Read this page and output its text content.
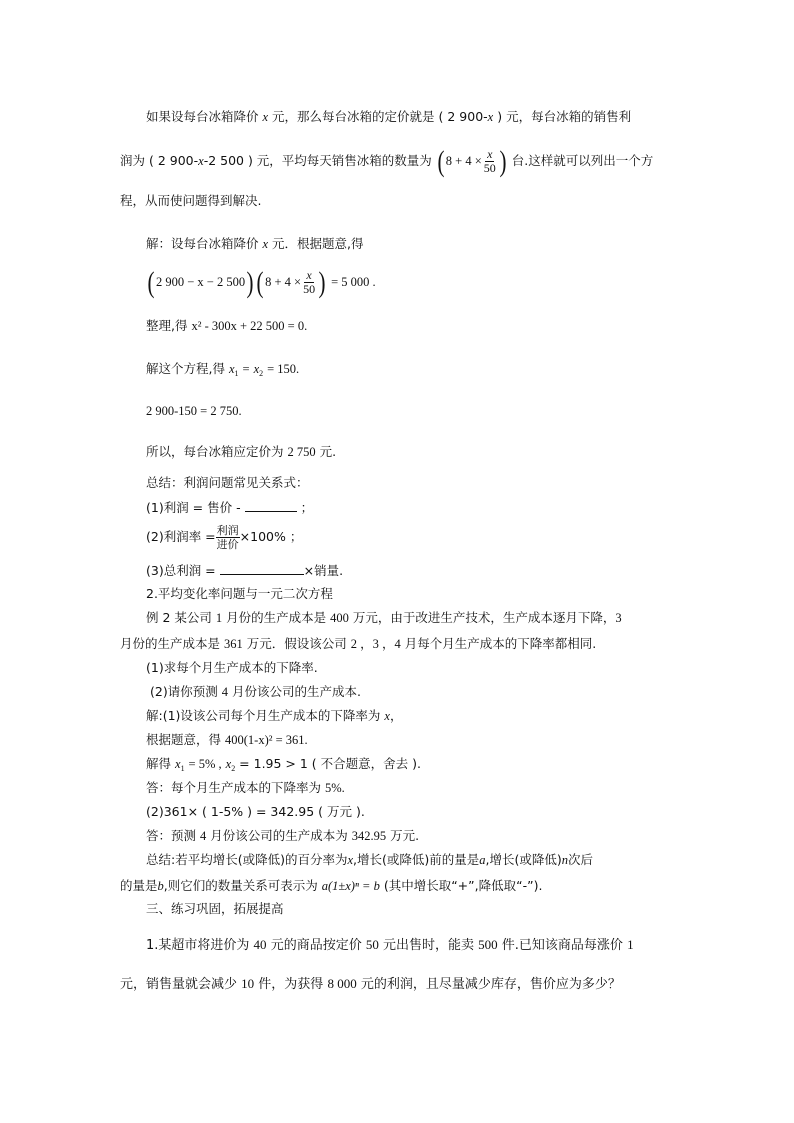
如果设每台冰箱降价 x 元，那么每台冰箱的定价就是 ( 2 900-x ) 元，每台冰箱的销售利
润为 ( 2 900-x-2 500 ) 元，平均每天销售冰箱的数量为 ( $8 + 4 \times \frac{x}{50}$ ) 台.这样就可以列出一个方
程，从而使问题得到解决.
解：设每台冰箱降价 x 元．根据题意,得
( 2 900 − x − 2 500) ( $8 + 4 \times \frac{x}{50}$ ) = 5 000 .
整理,得 x² - 300x + 22 500 = 0.
解这个方程,得 $x_1 = x_2 = 150$.
2 900-150 = 2 750.
所以，每台冰箱应定价为 2 750 元.
总结：利润问题常见关系式：
(1)利润 = 售价 -	；
(2)利润率 = $\frac{\text{利润}}{\text{进价}} \times 100\%$ ；
(3)总利润 =	×销量.
2.平均变化率问题与一元二次方程
例 2 某公司 1 月份的生产成本是 400 万元，由于改进生产技术，生产成本逐月下降，3
月份的生产成本是 361 万元．假设该公司 2 ，3 ，4 月每个月生产成本的下降率都相同.
(1)求每个月生产成本的下降率.
(2)请你预测 4 月份该公司的生产成本.
解:(1)设该公司每个月生产成本的下降率为 x，
根据题意，得 400(1-x)² = 361.
解得 $x_1 = 5\%$ , $x_2 = 1.95 > 1$ ( 不合题意，舍去 ).
答：每个月生产成本的下降率为 5%.
(2)361× ( 1-5% ) = 342.95 ( 万元 ).
答：预测 4 月份该公司的生产成本为 342.95 万元.
总结:若平均增长(或降低)的百分率为x,增长(或降低)前的量是a,增长(或降低)n次后
的量是b,则它们的数量关系可表示为 a(1±x)ⁿ = b (其中增长取“+”,降低取“-”).
三、练习巩固，拓展提高
1.某超市将进价为 40 元的商品按定价 50 元出售时，能卖 500 件.已知该商品每涨价 1
元，销售量就会减少 10 件，为获得 8 000 元的利润，且尽量减少库存，售价应为多少？
